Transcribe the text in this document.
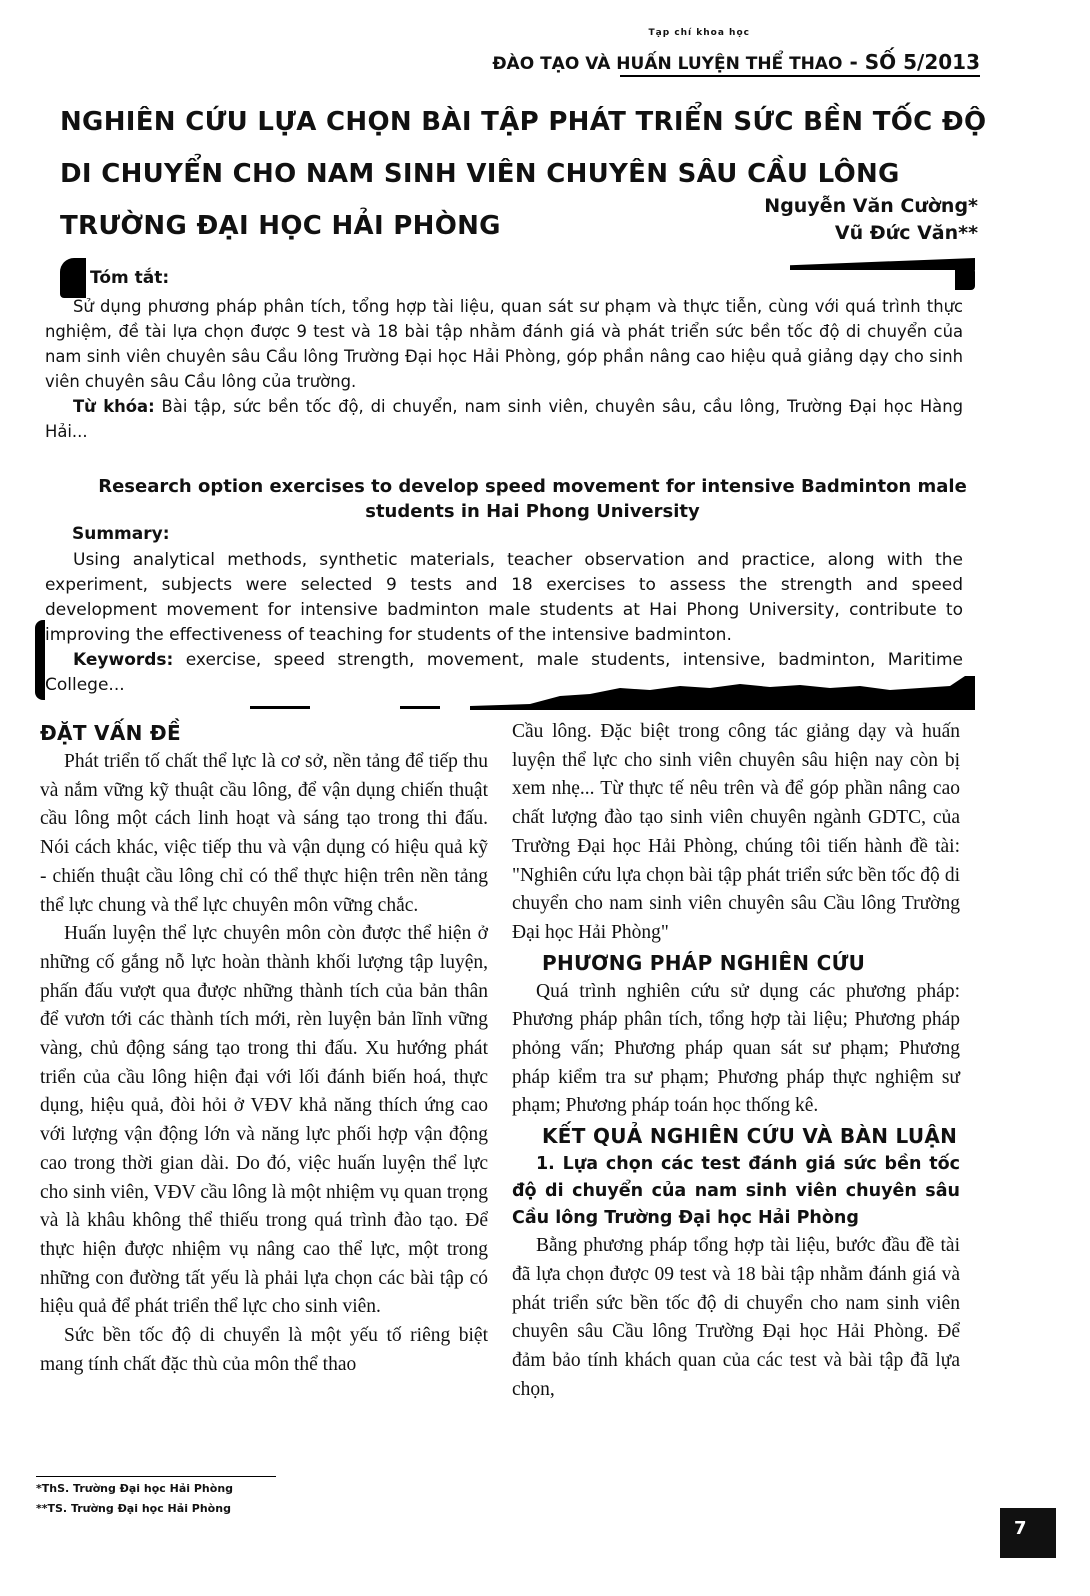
Tạp chí khoa học
ĐÀO TẠO VÀ HUẤN LUYỆN THỂ THAO - SỐ 5/2013
NGHIÊN CỨU LỰA CHỌN BÀI TẬP PHÁT TRIỂN SỨC BỀN TỐC ĐỘ DI CHUYỂN CHO NAM SINH VIÊN CHUYÊN SÂU CẦU LÔNG TRƯỜNG ĐẠI HỌC HẢI PHÒNG
Nguyễn Văn Cường*
Vũ Đức Văn**
Tóm tắt:

Sử dụng phương pháp phân tích, tổng hợp tài liệu, quan sát sư phạm và thực tiễn, cùng với quá trình thực nghiệm, đề tài lựa chọn được 9 test và 18 bài tập nhằm đánh giá và phát triển sức bền tốc độ di chuyển của nam sinh viên chuyên sâu Cầu lông Trường Đại học Hải Phòng, góp phần nâng cao hiệu quả giảng dạy cho sinh viên chuyên sâu Cầu lông của trường.

Từ khóa: Bài tập, sức bền tốc độ, di chuyển, nam sinh viên, chuyên sâu, cầu lông, Trường Đại học Hàng Hải...

Research option exercises to develop speed movement for intensive Badminton male students in Hai Phong University
Summary:

Using analytical methods, synthetic materials, teacher observation and practice, along with the experiment, subjects were selected 9 tests and 18 exercises to assess the strength and speed development movement for intensive badminton male students at Hai Phong University, contribute to improving the effectiveness of teaching for students of the intensive badminton.

Keywords: exercise, speed strength, movement, male students, intensive, badminton, Maritime College...

ĐẶT VẤN ĐỀ

Phát triển tố chất thể lực là cơ sở, nền tảng để tiếp thu và nắm vững kỹ thuật cầu lông, để vận dụng chiến thuật cầu lông một cách linh hoạt và sáng tạo trong thi đấu. Nói cách khác, việc tiếp thu và vận dụng có hiệu quả kỹ - chiến thuật cầu lông chỉ có thể thực hiện trên nền tảng thể lực chung và thể lực chuyên môn vững chắc.

Huấn luyện thể lực chuyên môn còn được thể hiện ở những cố gắng nỗ lực hoàn thành khối lượng tập luyện, phấn đấu vượt qua được những thành tích của bản thân để vươn tới các thành tích mới, rèn luyện bản lĩnh vững vàng, chủ động sáng tạo trong thi đấu. Xu hướng phát triển của cầu lông hiện đại với lối đánh biến hoá, thực dụng, hiệu quả, đòi hỏi ở VĐV khả năng thích ứng cao với lượng vận động lớn và năng lực phối hợp vận động cao trong thời gian dài. Do đó, việc huấn luyện thể lực cho sinh viên, VĐV cầu lông là một nhiệm vụ quan trọng và là khâu không thể thiếu trong quá trình đào tạo. Để thực hiện được nhiệm vụ nâng cao thể lực, một trong những con đường tất yếu là phải lựa chọn các bài tập có hiệu quả để phát triển thể lực cho sinh viên.

Sức bền tốc độ di chuyển là một yếu tố riêng biệt mang tính chất đặc thù của môn thể thao

Cầu lông. Đặc biệt trong công tác giảng dạy và huấn luyện thể lực cho sinh viên chuyên sâu hiện nay còn bị xem nhẹ... Từ thực tế nêu trên và để góp phần nâng cao chất lượng đào tạo sinh viên chuyên ngành GDTC, của Trường Đại học Hải Phòng, chúng tôi tiến hành đề tài: "Nghiên cứu lựa chọn bài tập phát triển sức bền tốc độ di chuyển cho nam sinh viên chuyên sâu Cầu lông Trường Đại học Hải Phòng"

PHƯƠNG PHÁP NGHIÊN CỨU

Quá trình nghiên cứu sử dụng các phương pháp: Phương pháp phân tích, tổng hợp tài liệu; Phương pháp phỏng vấn; Phương pháp quan sát sư phạm; Phương pháp kiểm tra sư phạm; Phương pháp thực nghiệm sư phạm; Phương pháp toán học thống kê.

KẾT QUẢ NGHIÊN CỨU VÀ BÀN LUẬN
1. Lựa chọn các test đánh giá sức bền tốc độ di chuyển của nam sinh viên chuyên sâu Cầu lông Trường Đại học Hải Phòng

Bằng phương pháp tổng hợp tài liệu, bước đầu đề tài đã lựa chọn được 09 test và 18 bài tập nhằm đánh giá và phát triển sức bền tốc độ di chuyển cho nam sinh viên chuyên sâu Cầu lông Trường Đại học Hải Phòng. Để đảm bảo tính khách quan của các test và bài tập đã lựa chọn,

*ThS. Trường Đại học Hải Phòng
**TS. Trường Đại học Hải Phòng
7
